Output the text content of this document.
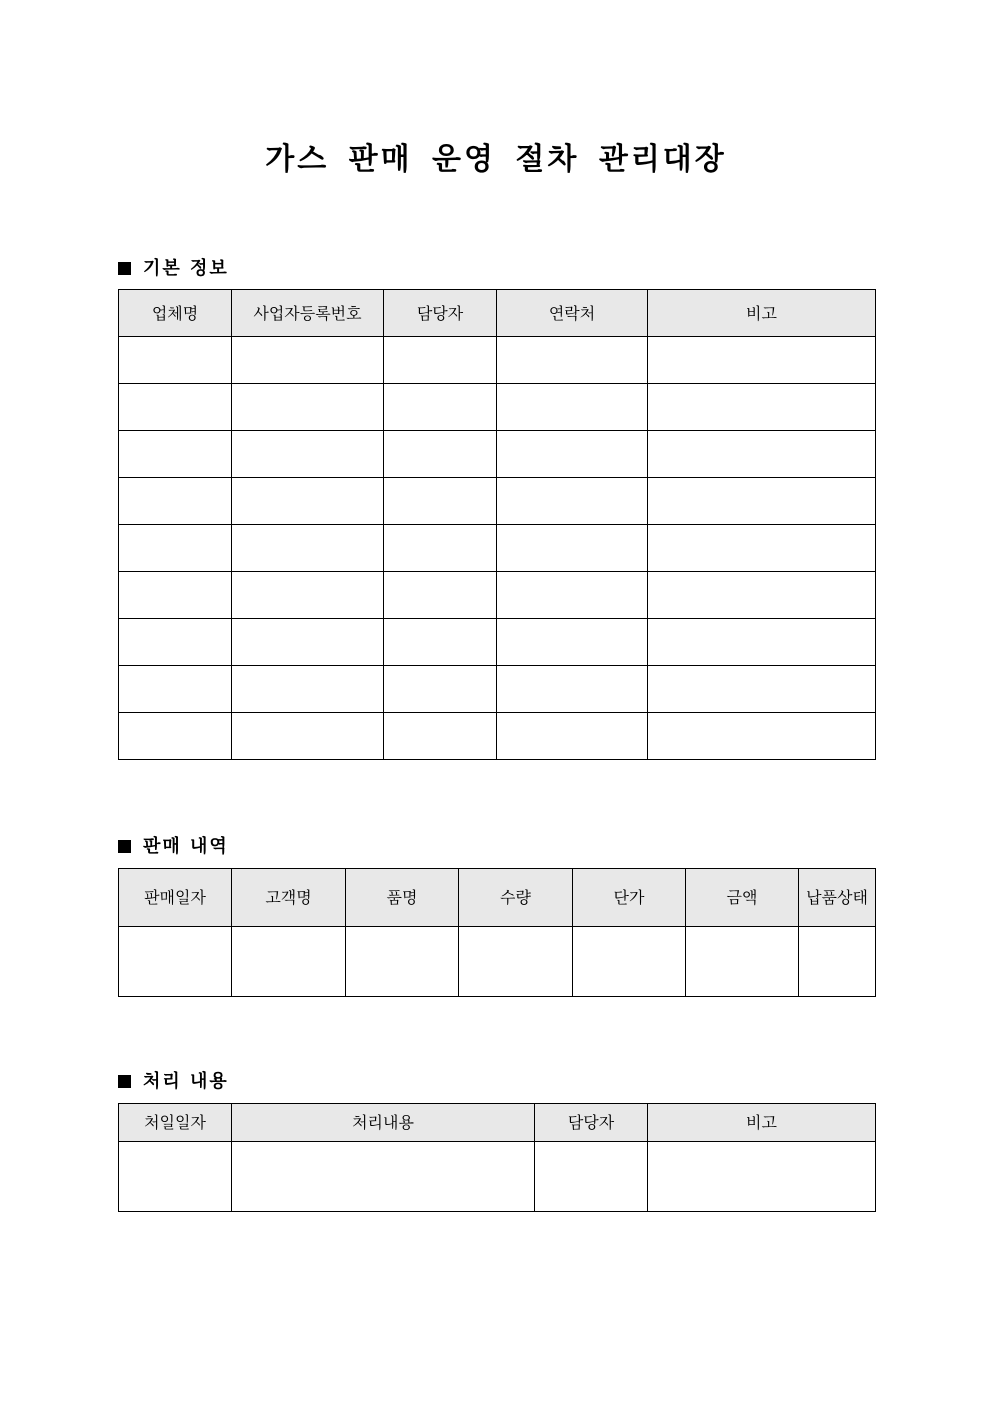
가스 판매 운영 절차 관리대장
기본 정보
업체명	사업자등록번호	담당자	연락처	비고

판매 내역
판매일자	고객명	품명	수량	단가	금액	납품상태

처리 내용
처일일자	처리내용	담당자	비고
